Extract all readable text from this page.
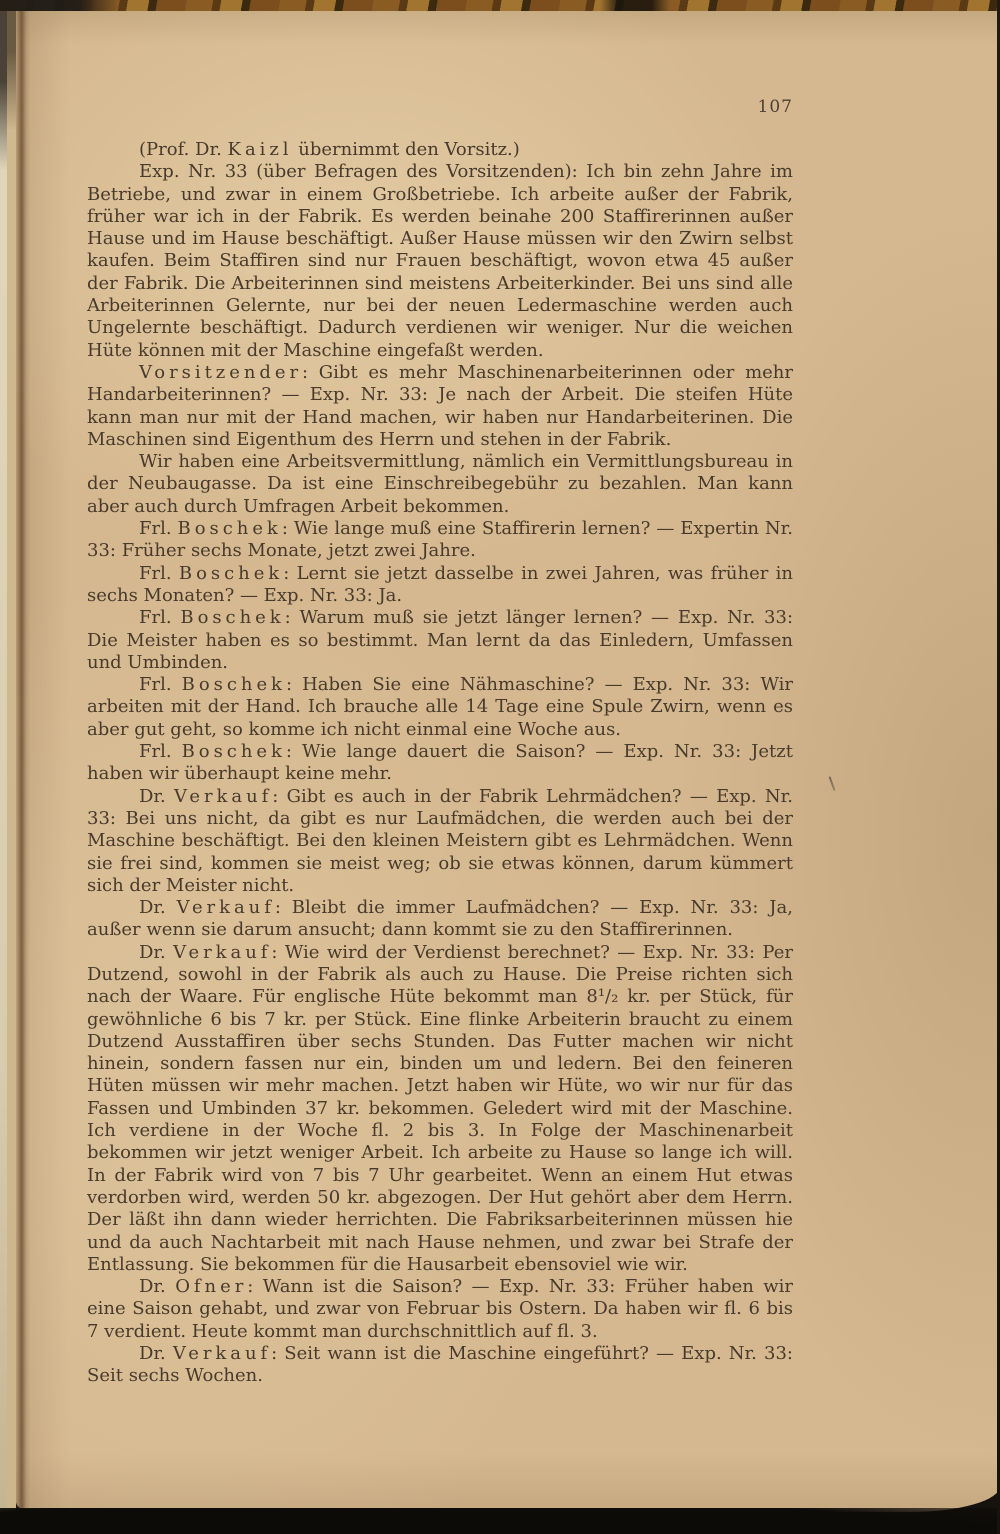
107

(Prof. Dr. Kaizl übernimmt den Vorsitz.)

Exp. Nr. 33 (über Befragen des Vorsitzenden): Ich bin zehn Jahre im Betriebe, und zwar in einem Großbetriebe. Ich arbeite außer der Fabrik, früher war ich in der Fabrik. Es werden beinahe 200 Staffirerinnen außer Hause und im Hause beschäftigt. Außer Hause müssen wir den Zwirn selbst kaufen. Beim Staffiren sind nur Frauen beschäftigt, wovon etwa 45 außer der Fabrik. Die Arbeiterinnen sind meistens Arbeiterkinder. Bei uns sind alle Arbeiterinnen Gelernte, nur bei der neuen Ledermaschine werden auch Ungelernte beschäftigt. Dadurch verdienen wir weniger. Nur die weichen Hüte können mit der Maschine eingefaßt werden.

Vorsitzender: Gibt es mehr Maschinenarbeiterinnen oder mehr Handarbeiterinnen? — Exp. Nr. 33: Je nach der Arbeit. Die steifen Hüte kann man nur mit der Hand machen, wir haben nur Handarbeiterinen. Die Maschinen sind Eigenthum des Herrn und stehen in der Fabrik.

Wir haben eine Arbeitsvermittlung, nämlich ein Vermittlungsbureau in der Neubaugasse. Da ist eine Einschreibegebühr zu bezahlen. Man kann aber auch durch Umfragen Arbeit bekommen.

Frl. Boschek: Wie lange muß eine Staffirerin lernen? — Expertin Nr. 33: Früher sechs Monate, jetzt zwei Jahre.

Frl. Boschek: Lernt sie jetzt dasselbe in zwei Jahren, was früher in sechs Monaten? — Exp. Nr. 33: Ja.

Frl. Boschek: Warum muß sie jetzt länger lernen? — Exp. Nr. 33: Die Meister haben es so bestimmt. Man lernt da das Einledern, Umfassen und Umbinden.

Frl. Boschek: Haben Sie eine Nähmaschine? — Exp. Nr. 33: Wir arbeiten mit der Hand. Ich brauche alle 14 Tage eine Spule Zwirn, wenn es aber gut geht, so komme ich nicht einmal eine Woche aus.

Frl. Boschek: Wie lange dauert die Saison? — Exp. Nr. 33: Jetzt haben wir überhaupt keine mehr.

Dr. Verkauf: Gibt es auch in der Fabrik Lehrmädchen? — Exp. Nr. 33: Bei uns nicht, da gibt es nur Laufmädchen, die werden auch bei der Maschine beschäftigt. Bei den kleinen Meistern gibt es Lehrmädchen. Wenn sie frei sind, kommen sie meist weg; ob sie etwas können, darum kümmert sich der Meister nicht.

Dr. Verkauf: Bleibt die immer Laufmädchen? — Exp. Nr. 33: Ja, außer wenn sie darum ansucht; dann kommt sie zu den Staffirerinnen.

Dr. Verkauf: Wie wird der Verdienst berechnet? — Exp. Nr. 33: Per Dutzend, sowohl in der Fabrik als auch zu Hause. Die Preise richten sich nach der Waare. Für englische Hüte bekommt man 8¹/₂ kr. per Stück, für gewöhnliche 6 bis 7 kr. per Stück. Eine flinke Arbeiterin braucht zu einem Dutzend Ausstaffiren über sechs Stunden. Das Futter machen wir nicht hinein, sondern fassen nur ein, binden um und ledern. Bei den feineren Hüten müssen wir mehr machen. Jetzt haben wir Hüte, wo wir nur für das Fassen und Umbinden 37 kr. bekommen. Geledert wird mit der Maschine. Ich verdiene in der Woche fl. 2 bis 3. In Folge der Maschinenarbeit bekommen wir jetzt weniger Arbeit. Ich arbeite zu Hause so lange ich will. In der Fabrik wird von 7 bis 7 Uhr gearbeitet. Wenn an einem Hut etwas verdorben wird, werden 50 kr. abgezogen. Der Hut gehört aber dem Herrn. Der läßt ihn dann wieder herrichten. Die Fabriksarbeiterinnen müssen hie und da auch Nachtarbeit mit nach Hause nehmen, und zwar bei Strafe der Entlassung. Sie bekommen für die Hausarbeit ebensoviel wie wir.

Dr. Ofner: Wann ist die Saison? — Exp. Nr. 33: Früher haben wir eine Saison gehabt, und zwar von Februar bis Ostern. Da haben wir fl. 6 bis 7 verdient. Heute kommt man durchschnittlich auf fl. 3.

Dr. Verkauf: Seit wann ist die Maschine eingeführt? — Exp. Nr. 33: Seit sechs Wochen.
